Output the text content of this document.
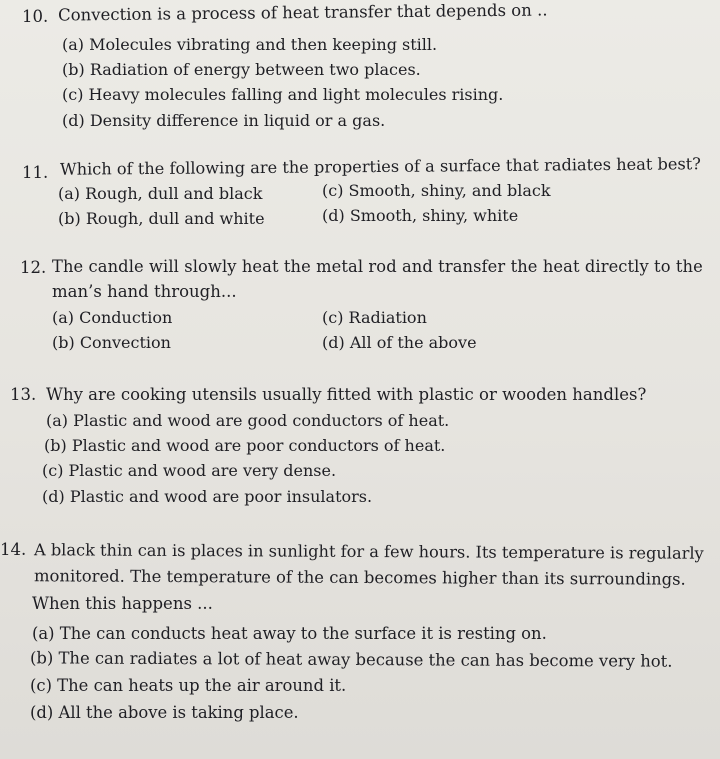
10. Convection is a process of heat transfer that depends on ..
(a) Molecules vibrating and then keeping still.
(b) Radiation of energy between two places.
(c) Heavy molecules falling and light molecules rising.
(d) Density difference in liquid or a gas.
11. Which of the following are the properties of a surface that radiates heat best?
(a) Rough, dull and black	(c) Smooth, shiny, and black
(b) Rough, dull and white	(d) Smooth, shiny, white
12. The candle will slowly heat the metal rod and transfer the heat directly to the
man’s hand through...
(a) Conduction	(c) Radiation
(b) Convection	(d) All of the above
13. Why are cooking utensils usually fitted with plastic or wooden handles?
(a) Plastic and wood are good conductors of heat.
(b) Plastic and wood are poor conductors of heat.
(c) Plastic and wood are very dense.
(d) Plastic and wood are poor insulators.
14. A black thin can is places in sunlight for a few hours. Its temperature is regularly
monitored. The temperature of the can becomes higher than its surroundings.
When this happens ...
(a) The can conducts heat away to the surface it is resting on.
(b) The can radiates a lot of heat away because the can has become very hot.
(c) The can heats up the air around it.
(d) All the above is taking place.
